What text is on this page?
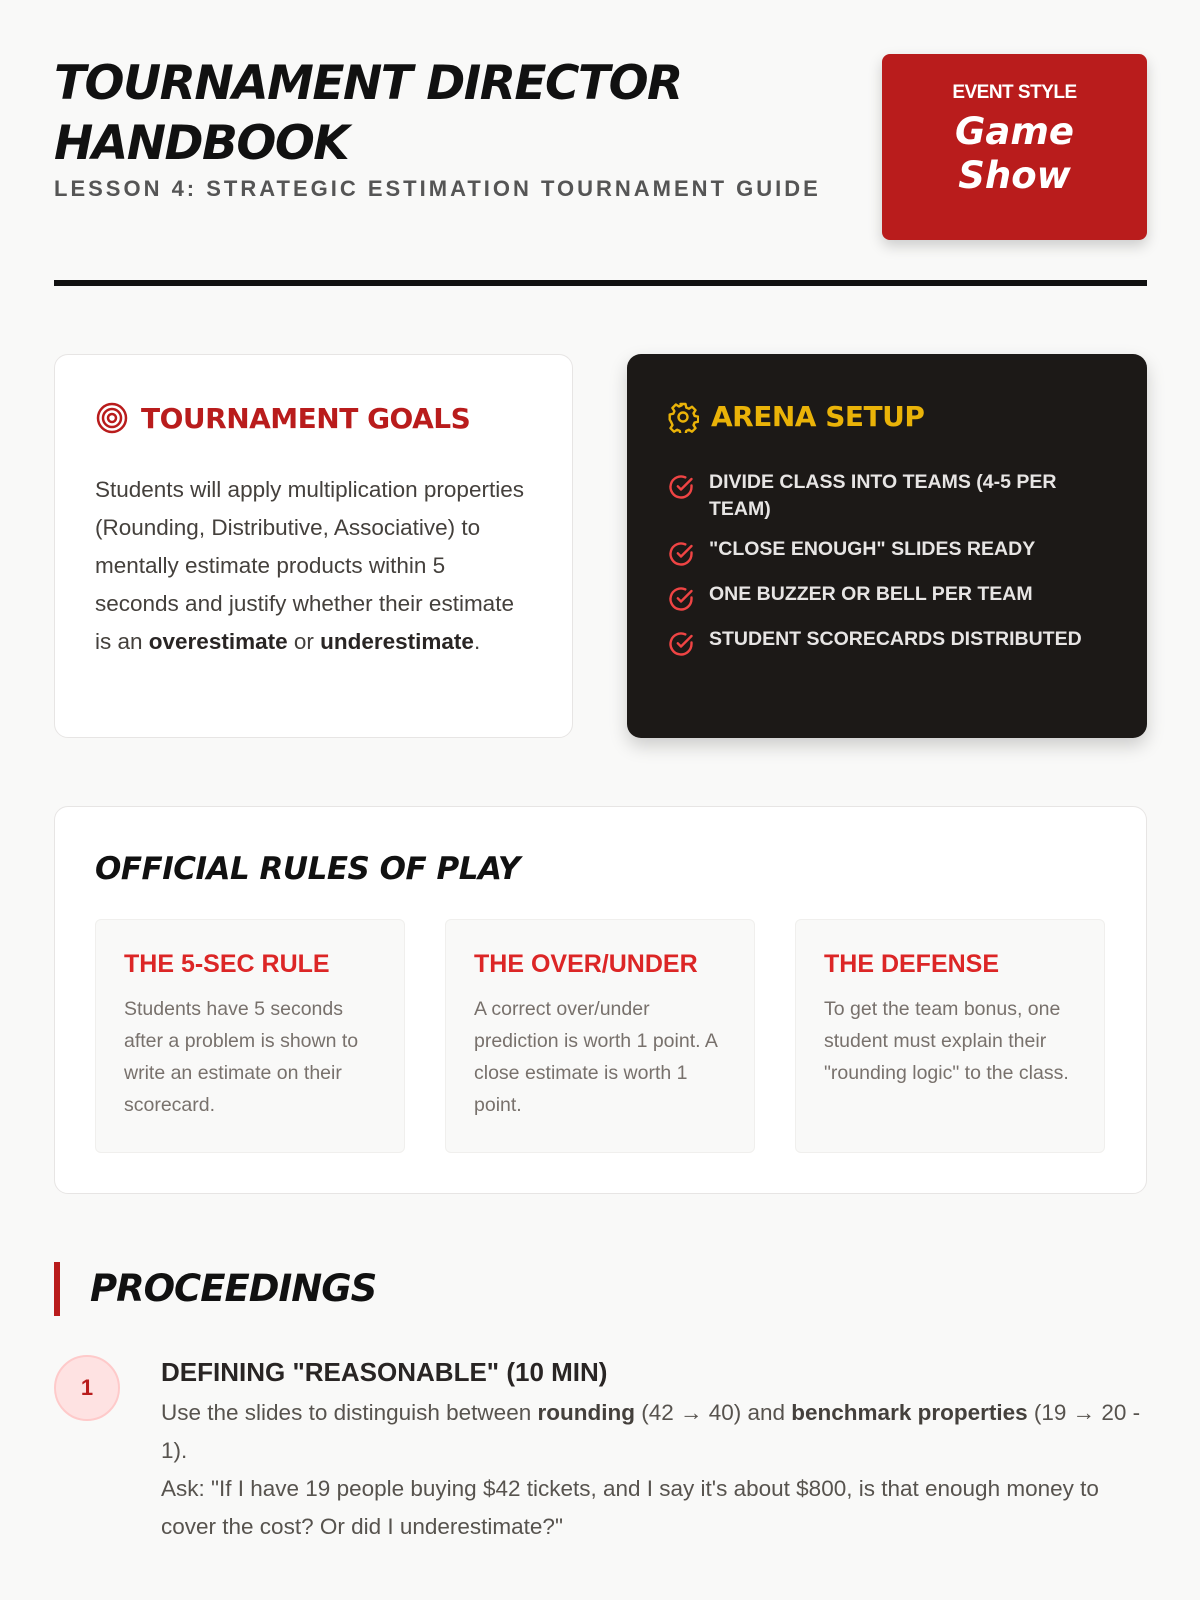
TOURNAMENT DIRECTOR HANDBOOK
LESSON 4: STRATEGIC ESTIMATION TOURNAMENT GUIDE
EVENT STYLE
Game Show
TOURNAMENT GOALS

Students will apply multiplication properties (Rounding, Distributive, Associative) to mentally estimate products within 5 seconds and justify whether their estimate is an overestimate or underestimate.

ARENA SETUP
DIVIDE CLASS INTO TEAMS (4-5 PER TEAM)
"CLOSE ENOUGH" SLIDES READY
ONE BUZZER OR BELL PER TEAM
STUDENT SCORECARDS DISTRIBUTED
OFFICIAL RULES OF PLAY
THE 5-SEC RULE

Students have 5 seconds after a problem is shown to write an estimate on their scorecard.

THE OVER/UNDER

A correct over/under prediction is worth 1 point. A close estimate is worth 1 point.

THE DEFENSE

To get the team bonus, one student must explain their "rounding logic" to the class.

PROCEEDINGS
1
DEFINING "REASONABLE" (10 MIN)

Use the slides to distinguish between rounding (42 → 40) and benchmark properties (19 → 20 - 1).
Ask: "If I have 19 people buying $42 tickets, and I say it's about $800, is that enough money to cover the cost? Or did I underestimate?"
